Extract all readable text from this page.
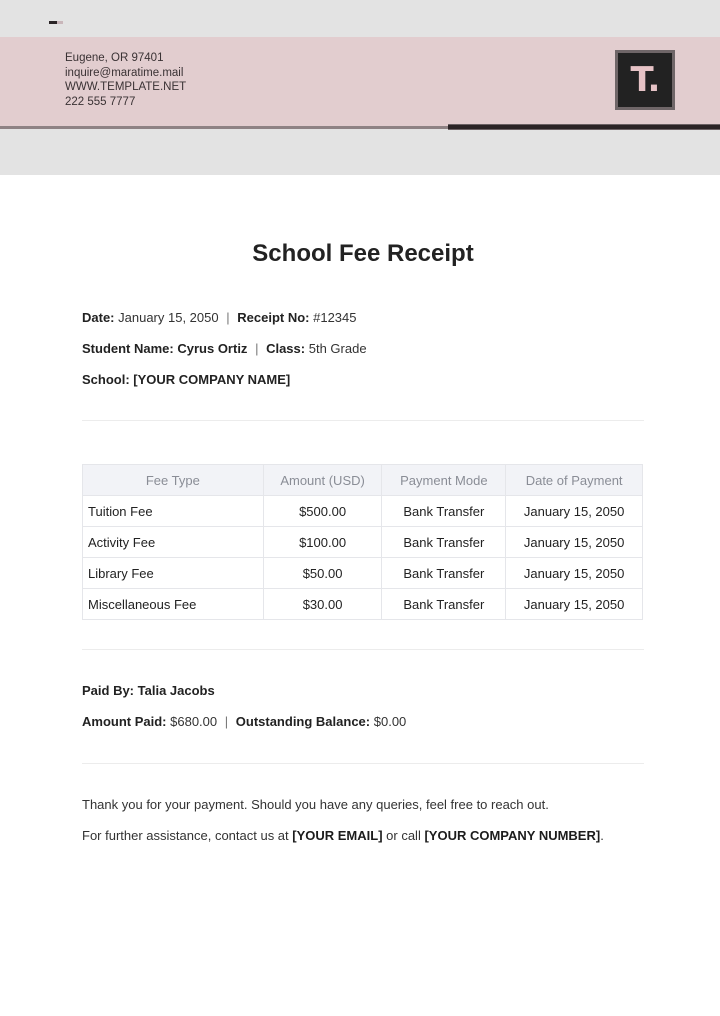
Eugene, OR 97401
inquire@maratime.mail
WWW.TEMPLATE.NET
222 555 7777
T.
School Fee Receipt
Date: January 15, 2050 | Receipt No: #12345
Student Name: Cyrus Ortiz | Class: 5th Grade
School: [YOUR COMPANY NAME]
Fee Type	Amount (USD)	Payment Mode	Date of Payment
Tuition Fee	$500.00	Bank Transfer	January 15, 2050
Activity Fee	$100.00	Bank Transfer	January 15, 2050
Library Fee	$50.00	Bank Transfer	January 15, 2050
Miscellaneous Fee	$30.00	Bank Transfer	January 15, 2050
Paid By: Talia Jacobs
Amount Paid: $680.00 | Outstanding Balance: $0.00
Thank you for your payment. Should you have any queries, feel free to reach out.
For further assistance, contact us at [YOUR EMAIL] or call [YOUR COMPANY NUMBER].
